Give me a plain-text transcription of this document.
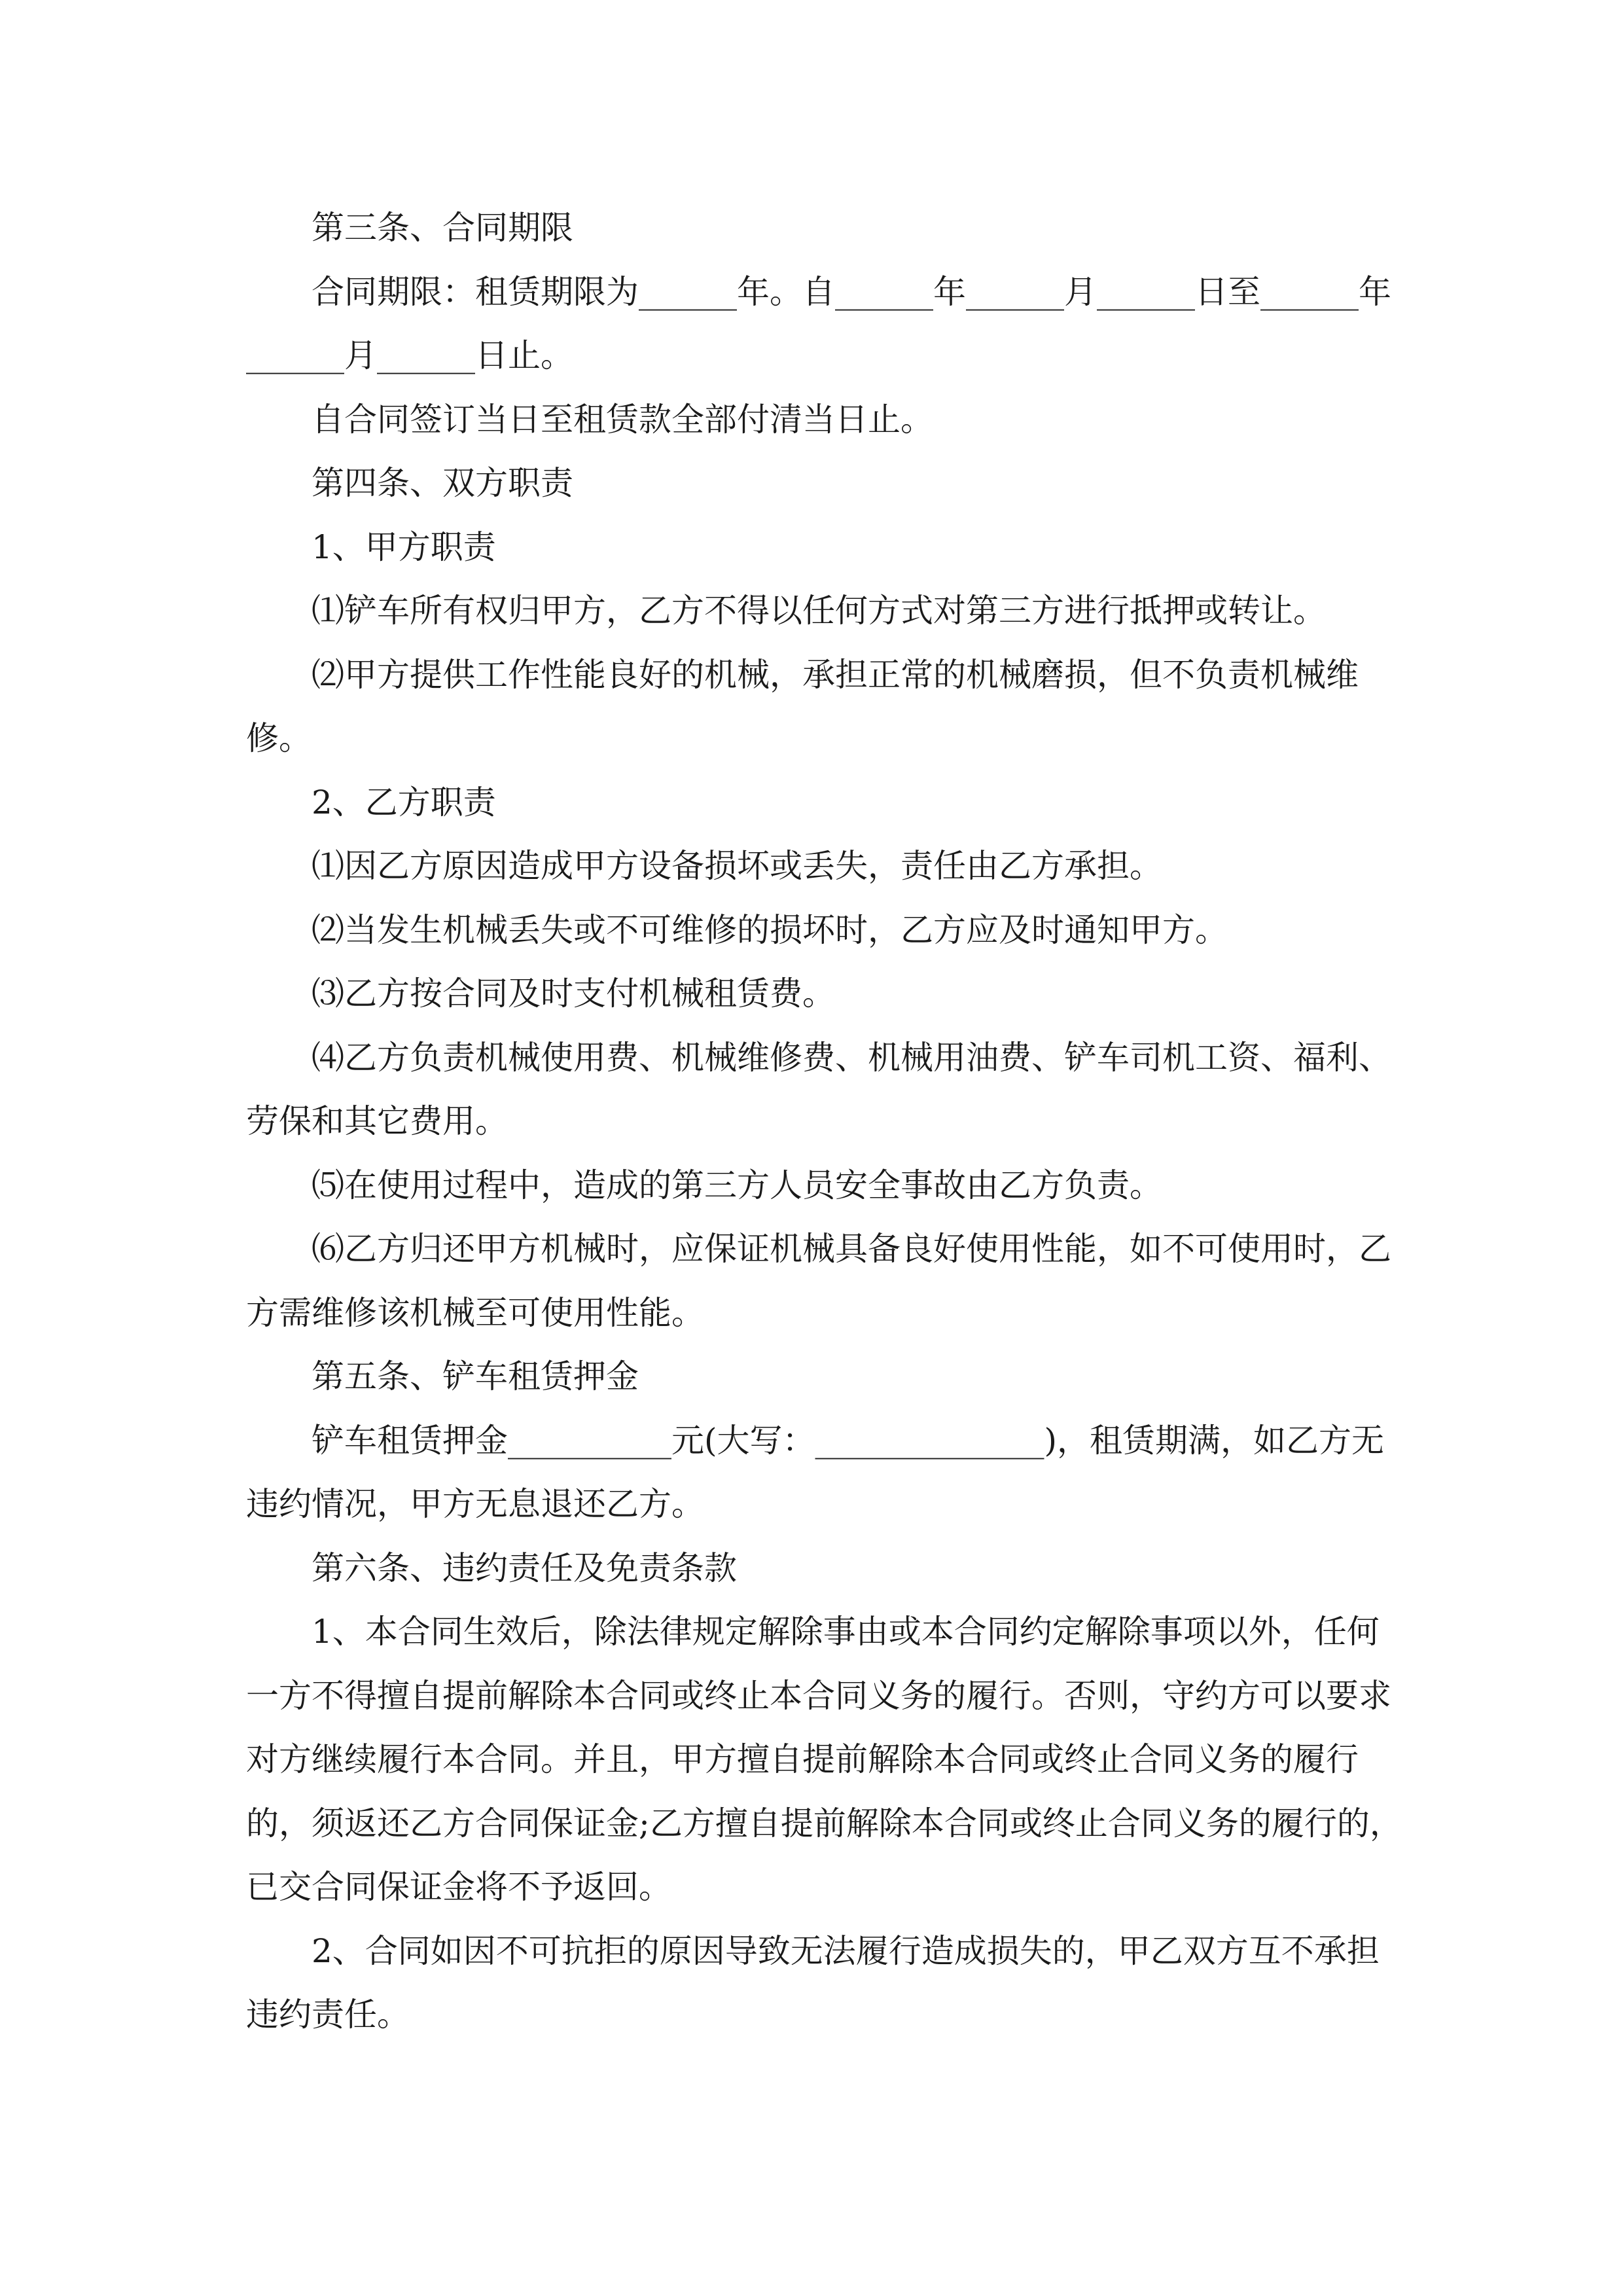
第三条、合同期限

合同期限：租赁期限为______年。自______年______月______日至______年______月______日止。

自合同签订当日至租赁款全部付清当日止。

第四条、双方职责

1、甲方职责

⑴铲车所有权归甲方，乙方不得以任何方式对第三方进行抵押或转让。

⑵甲方提供工作性能良好的机械，承担正常的机械磨损，但不负责机械维修。

2、乙方职责

⑴因乙方原因造成甲方设备损坏或丢失，责任由乙方承担。

⑵当发生机械丢失或不可维修的损坏时，乙方应及时通知甲方。

⑶乙方按合同及时支付机械租赁费。

⑷乙方负责机械使用费、机械维修费、机械用油费、铲车司机工资、福利、劳保和其它费用。

⑸在使用过程中，造成的第三方人员安全事故由乙方负责。

⑹乙方归还甲方机械时，应保证机械具备良好使用性能，如不可使用时，乙方需维修该机械至可使用性能。

第五条、铲车租赁押金

铲车租赁押金__________元(大写：______________)，租赁期满，如乙方无违约情况，甲方无息退还乙方。

第六条、违约责任及免责条款

1、本合同生效后，除法律规定解除事由或本合同约定解除事项以外，任何一方不得擅自提前解除本合同或终止本合同义务的履行。否则，守约方可以要求对方继续履行本合同。并且，甲方擅自提前解除本合同或终止合同义务的履行的，须返还乙方合同保证金;乙方擅自提前解除本合同或终止合同义务的履行的，已交合同保证金将不予返回。

2、合同如因不可抗拒的原因导致无法履行造成损失的，甲乙双方互不承担违约责任。
